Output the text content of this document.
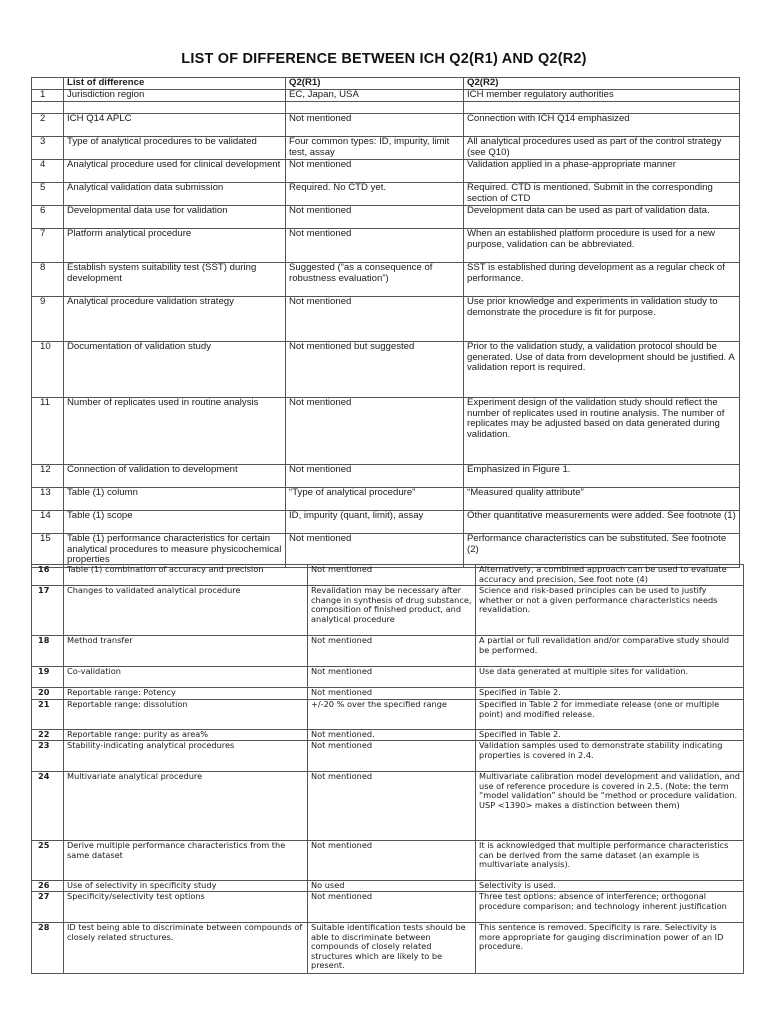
LIST OF DIFFERENCE BETWEEN ICH Q2(R1) AND Q2(R2)
	List of difference	Q2(R1)	Q2(R2)
1	Jurisdiction region	EC, Japan, USA	ICH member regulatory authorities

2	ICH Q14 APLC	Not mentioned	Connection with ICH Q14 emphasized
3	Type of analytical procedures to be validated	Four common types: ID, impurity, limit test, assay	All analytical procedures used as part of the control strategy (see Q10)
4	Analytical procedure used for clinical development	Not mentioned	Validation applied in a phase-appropriate manner
5	Analytical validation data submission	Required. No CTD yet.	Required. CTD is mentioned. Submit in the corresponding section of CTD
6	Developmental data use for validation	Not mentioned	Development data can be used as part of validation data.
7	Platform analytical procedure	Not mentioned	When an established platform procedure is used for a new purpose, validation can be abbreviated.
8	Establish system suitability test (SST) during development	Suggested (“as a consequence of robustness evaluation”)	SST is established during development as a regular check of performance.
9	Analytical procedure validation strategy	Not mentioned	Use prior knowledge and experiments in validation study to demonstrate the procedure is fit for purpose.
10	Documentation of validation study	Not mentioned but suggested	Prior to the validation study, a validation protocol should be generated. Use of data from development should be justified. A validation report is required.
11	Number of replicates used in routine analysis	Not mentioned	Experiment design of the validation study should reflect the number of replicates used in routine analysis. The number of replicates may be adjusted based on data generated during validation.
12	Connection of validation to development	Not mentioned	Emphasized in Figure 1.
13	Table (1) column	“Type of analytical procedure”	“Measured quality attribute”
14	Table (1) scope	ID, impurity (quant, limit), assay	Other quantitative measurements were added. See footnote (1)
15	Table (1) performance characteristics for certain analytical procedures to measure physicochemical properties	Not mentioned	Performance characteristics can be substituted. See footnote (2)
16	Table (1) combination of accuracy and precision	Not mentioned	Alternatively, a combined approach can be used to evaluate accuracy and precision, See foot note (4)
17	Changes to validated analytical procedure	Revalidation may be necessary after change in synthesis of drug substance, composition of finished product, and analytical procedure	Science and risk-based principles can be used to justify whether or not a given performance characteristics needs revalidation.
18	Method transfer	Not mentioned	A partial or full revalidation and/or comparative study should be performed.
19	Co-validation	Not mentioned	Use data generated at multiple sites for validation.
20	Reportable range: Potency	Not mentioned	Specified in Table 2.
21	Reportable range: dissolution	+/-20 % over the specified range	Specified in Table 2 for immediate release (one or multiple point) and modified release.
22	Reportable range: purity as area%	Not mentioned.	Specified in Table 2.
23	Stability-indicating analytical procedures	Not mentioned	Validation samples used to demonstrate stability indicating properties is covered in 2.4.
24	Multivariate analytical procedure	Not mentioned	Multivariate calibration model development and validation, and use of reference procedure is covered in 2.5. (Note: the term “model validation” should be “method or procedure validation. USP <1390> makes a distinction between them)
25	Derive multiple performance characteristics from the same dataset	Not mentioned	It is acknowledged that multiple performance characteristics can be derived from the same dataset (an example is multivariate analysis).
26	Use of selectivity in specificity study	No used	Selectivity is used.
27	Specificity/selectivity test options	Not mentioned	Three test options: absence of interference; orthogonal procedure comparison; and technology inherent justification
28	ID test being able to discriminate between compounds of closely related structures.	Suitable identification tests should be able to discriminate between compounds of closely related structures which are likely to be present.	This sentence is removed. Specificity is rare. Selectivity is more appropriate for gauging discrimination power of an ID procedure.
